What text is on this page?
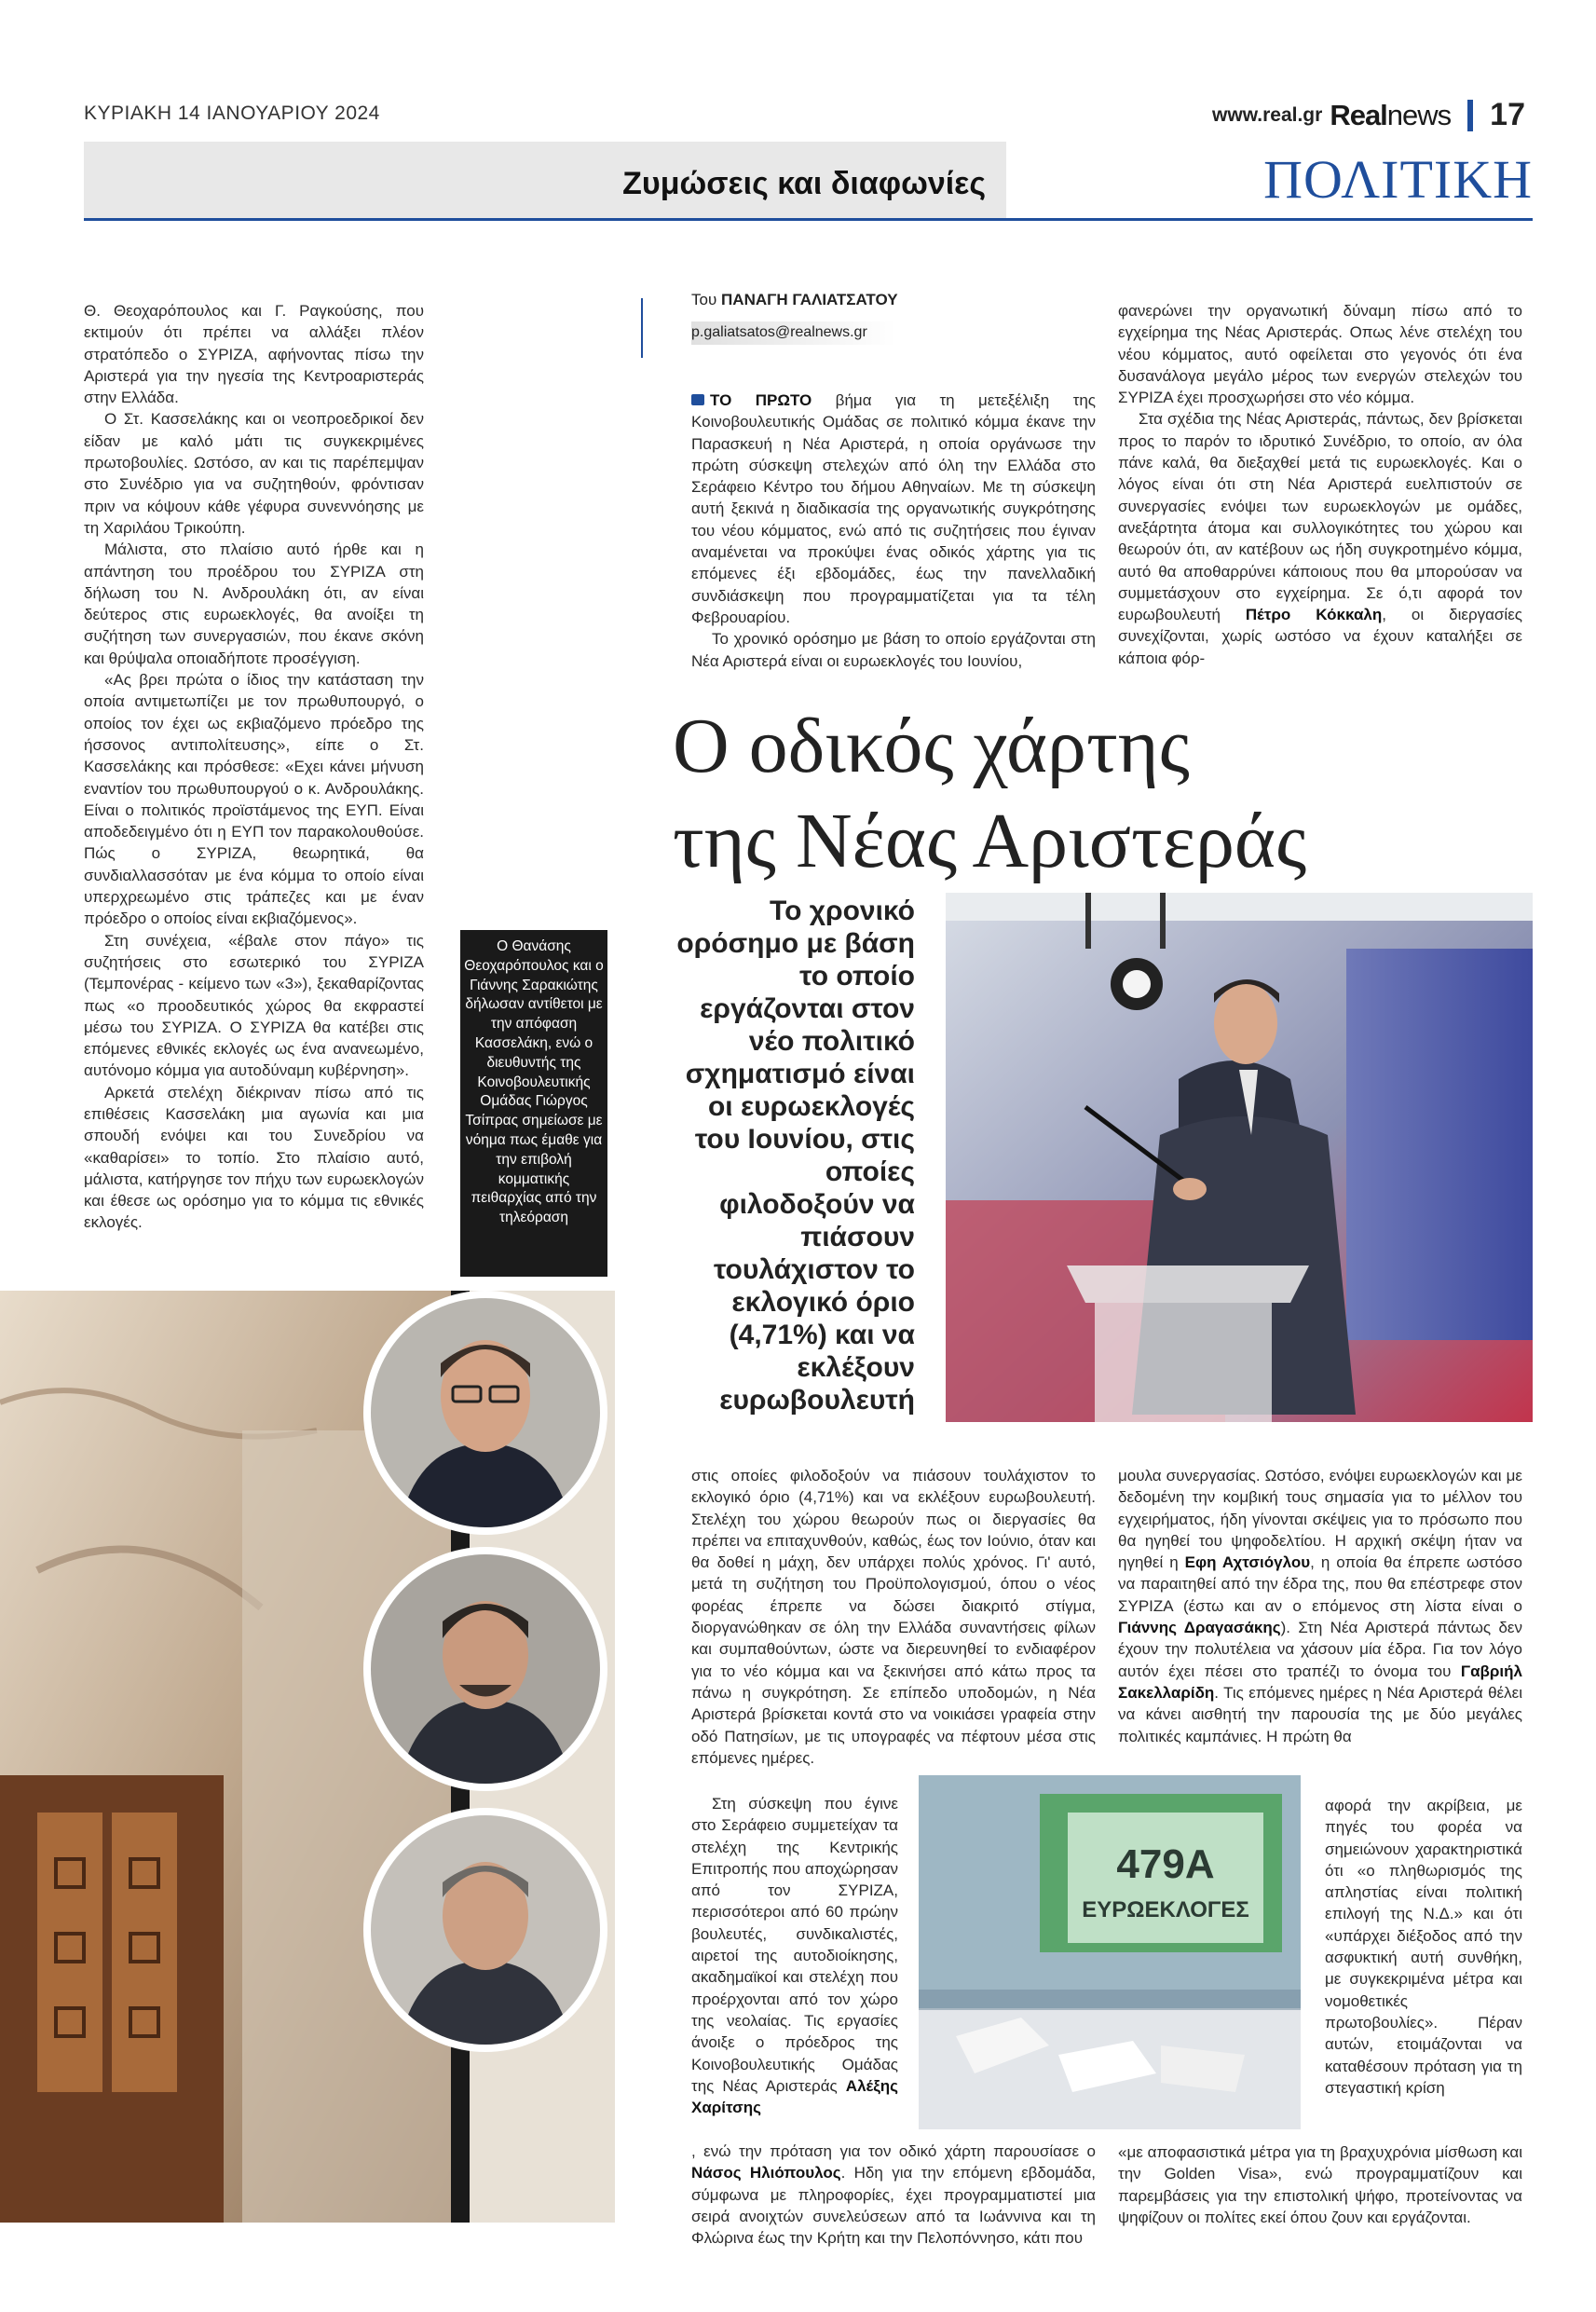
ΚΥΡΙΑΚΗ 14 ΙΑΝΟΥΑΡΙΟΥ 2024	www.real.gr Realnews 17
Ζυμώσεις και διαφωνίες	ΠΟΛΙΤΙΚΗ

Θ. Θεοχαρόπουλος και Γ. Ραγκούσης, που εκτιμούν ότι πρέπει να αλλάξει πλέον στρατόπεδο ο ΣΥΡΙΖΑ, αφήνοντας πίσω την Αριστερά για την ηγεσία της Κεντροαριστεράς στην Ελλάδα.

Ο Στ. Κασσελάκης και οι νεοπροεδρικοί δεν είδαν με καλό μάτι τις συγκεκριμένες πρωτοβουλίες. Ωστόσο, αν και τις παρέπεμψαν στο Συνέδριο για να συζητηθούν, φρόντισαν πριν να κόψουν κάθε γέφυρα συνεννόησης με τη Χαριλάου Τρικούπη.

Μάλιστα, στο πλαίσιο αυτό ήρθε και η απάντηση του προέδρου του ΣΥΡΙΖΑ στη δήλωση του Ν. Ανδρουλάκη ότι, αν είναι δεύτερος στις ευρωεκλογές, θα ανοίξει τη συζήτηση των συνεργασιών, που έκανε σκόνη και θρύψαλα οποιαδήποτε προσέγγιση.

«Ας βρει πρώτα ο ίδιος την κατάσταση την οποία αντιμετωπίζει με τον πρωθυπουργό, ο οποίος τον έχει ως εκβιαζόμενο πρόεδρο της ήσσονος αντιπολίτευσης», είπε ο Στ. Κασσελάκης και πρόσθεσε: «Εχει κάνει μήνυση εναντίον του πρωθυπουργού ο κ. Ανδρουλάκης. Είναι ο πολιτικός προϊστάμενος της ΕΥΠ. Είναι αποδεδειγμένο ότι η ΕΥΠ τον παρακολουθούσε. Πώς ο ΣΥΡΙΖΑ, θεωρητικά, θα συνδιαλλασσόταν με ένα κόμμα το οποίο είναι υπερχρεωμένο στις τράπεζες και με έναν πρόεδρο ο οποίος είναι εκβιαζόμενος».

Στη συνέχεια, «έβαλε στον πάγο» τις συζητήσεις στο εσωτερικό του ΣΥΡΙΖΑ (Τεμπονέρας - κείμενο των «3»), ξεκαθαρίζοντας πως «ο προοδευτικός χώρος θα εκφραστεί μέσω του ΣΥΡΙΖΑ. Ο ΣΥΡΙΖΑ θα κατέβει στις επόμενες εθνικές εκλογές ως ένα ανανεωμένο, αυτόνομο κόμμα για αυτοδύναμη κυβέρνηση».

Αρκετά στελέχη διέκριναν πίσω από τις επιθέσεις Κασσελάκη μια αγωνία και μια σπουδή ενόψει και του Συνεδρίου να «καθαρίσει» το τοπίο. Στο πλαίσιο αυτό, μάλιστα, κατήργησε τον πήχυ των ευρωεκλογών και έθεσε ως ορόσημο για το κόμμα τις εθνικές εκλογές.

Του ΠΑΝΑΓΗ ΓΑΛΙΑΤΣΑΤΟΥ
p.galiatsatos@realnews.gr

ΤΟ ΠΡΩΤΟ βήμα για τη μετεξέλιξη της Κοινοβουλευτικής Ομάδας σε πολιτικό κόμμα έκανε την Παρασκευή η Νέα Αριστερά, η οποία οργάνωσε την πρώτη σύσκεψη στελεχών από όλη την Ελλάδα στο Σεράφειο Κέντρο του δήμου Αθηναίων. Με τη σύσκεψη αυτή ξεκινά η διαδικασία της οργανωτικής συγκρότησης του νέου κόμματος, ενώ από τις συζητήσεις που έγιναν αναμένεται να προκύψει ένας οδικός χάρτης για τις επόμενες έξι εβδομάδες, έως την πανελλαδική συνδιάσκεψη που προγραμματίζεται για τα τέλη Φεβρουαρίου.

Το χρονικό ορόσημο με βάση το οποίο εργάζονται στη Νέα Αριστερά είναι οι ευρωεκλογές του Ιουνίου,

φανερώνει την οργανωτική δύναμη πίσω από το εγχείρημα της Νέας Αριστεράς. Οπως λένε στελέχη του νέου κόμματος, αυτό οφείλεται στο γεγονός ότι ένα δυσανάλογα μεγάλο μέρος των ενεργών στελεχών του ΣΥΡΙΖΑ έχει προσχωρήσει στο νέο κόμμα.

Στα σχέδια της Νέας Αριστεράς, πάντως, δεν βρίσκεται προς το παρόν το ιδρυτικό Συνέδριο, το οποίο, αν όλα πάνε καλά, θα διεξαχθεί μετά τις ευρωεκλογές. Και ο λόγος είναι ότι στη Νέα Αριστερά ευελπιστούν σε συνεργασίες ενόψει των ευρωεκλογών με ομάδες, ανεξάρτητα άτομα και συλλογικότητες του χώρου και θεωρούν ότι, αν κατέβουν ως ήδη συγκροτημένο κόμμα, αυτό θα αποθαρρύνει κάποιους που θα μπορούσαν να συμμετάσχουν στο εγχείρημα. Σε ό,τι αφορά τον ευρωβουλευτή Πέτρο Κόκκαλη, οι διεργασίες συνεχίζονται, χωρίς ωστόσο να έχουν καταλήξει σε κάποια φόρ-

Ο οδικός χάρτης
της Νέας Αριστεράς
Το χρονικό ορόσημο με βάση το οποίο εργάζονται στον νέο πολιτικό σχηματισμό είναι οι ευρωεκλογές του Ιουνίου, στις οποίες φιλοδοξούν να πιάσουν τουλάχιστον το εκλογικό όριο (4,71%) και να εκλέξουν ευρωβουλευτή
Ο Θανάσης Θεοχαρόπουλος και ο Γιάννης Σαρακιώτης δήλωσαν αντίθετοι με την απόφαση Κασσελάκη, ενώ ο διευθυντής της Κοινοβουλευτικής Ομάδας Γιώργος Τσίπρας σημείωσε με νόημα πως έμαθε για την επιβολή κομματικής πειθαρχίας από την τηλεόραση

στις οποίες φιλοδοξούν να πιάσουν τουλάχιστον το εκλογικό όριο (4,71%) και να εκλέξουν ευρωβουλευτή. Στελέχη του χώρου θεωρούν πως οι διεργασίες θα πρέπει να επιταχυνθούν, καθώς, έως τον Ιούνιο, όταν και θα δοθεί η μάχη, δεν υπάρχει πολύς χρόνος. Γι' αυτό, μετά τη συζήτηση του Προϋπολογισμού, όπου ο νέος φορέας έπρεπε να δώσει διακριτό στίγμα, διοργανώθηκαν σε όλη την Ελλάδα συναντήσεις φίλων και συμπαθούντων, ώστε να διερευνηθεί το ενδιαφέρον για το νέο κόμμα και να ξεκινήσει από κάτω προς τα πάνω η συγκρότηση. Σε επίπεδο υποδομών, η Νέα Αριστερά βρίσκεται κοντά στο να νοικιάσει γραφεία στην οδό Πατησίων, με τις υπογραφές να πέφτουν μέσα στις επόμενες ημέρες.

Στη σύσκεψη που έγινε στο Σεράφειο συμμετείχαν τα στελέχη της Κεντρικής Επιτροπής που αποχώρησαν από τον ΣΥΡΙΖΑ, περισσότεροι από 60 πρώην βουλευτές, συνδικαλιστές, αιρετοί της αυτοδιοίκησης, ακαδημαϊκοί και στελέχη που προέρχονται από τον χώρο της νεολαίας. Τις εργασίες άνοιξε ο πρόεδρος της Κοινοβουλευτικής Ομάδας της Νέας Αριστεράς Αλέξης Χαρίτσης

, ενώ την πρόταση για τον οδικό χάρτη παρουσίασε ο Νάσος Ηλιόπουλος. Ηδη για την επόμενη εβδομάδα, σύμφωνα με πληροφορίες, έχει προγραμματιστεί μια σειρά ανοιχτών συνελεύσεων από τα Ιωάννινα και τη Φλώρινα έως την Κρήτη και την Πελοπόννησο, κάτι που

479Α
ΕΥΡΩΕΚΛΟΓΕΣ

μουλα συνεργασίας. Ωστόσο, ενόψει ευρωεκλογών και με δεδομένη την κομβική τους σημασία για το μέλλον του εγχειρήματος, ήδη γίνονται σκέψεις για το πρόσωπο που θα ηγηθεί του ψηφοδελτίου. Η αρχική σκέψη ήταν να ηγηθεί η Εφη Αχτσιόγλου, η οποία θα έπρεπε ωστόσο να παραιτηθεί από την έδρα της, που θα επέστρεφε στον ΣΥΡΙΖΑ (έστω και αν ο επόμενος στη λίστα είναι ο Γιάννης Δραγασάκης). Στη Νέα Αριστερά πάντως δεν έχουν την πολυτέλεια να χάσουν μία έδρα. Για τον λόγο αυτόν έχει πέσει στο τραπέζι το όνομα του Γαβριήλ Σακελλαρίδη. Τις επόμενες ημέρες η Νέα Αριστερά θέλει να κάνει αισθητή την παρουσία της με δύο μεγάλες πολιτικές καμπάνιες. Η πρώτη θα

αφορά την ακρίβεια, με πηγές του φορέα να σημειώνουν χαρακτηριστικά ότι «ο πληθωρισμός της απληστίας είναι πολιτική επιλογή της Ν.Δ.» και ότι «υπάρχει διέξοδος από την ασφυκτική αυτή συνθήκη, με συγκεκριμένα μέτρα και νομοθετικές πρωτοβουλίες». Πέραν αυτών, ετοιμάζονται να καταθέσουν πρόταση για τη στεγαστική κρίση

«με αποφασιστικά μέτρα για τη βραχυχρόνια μίσθωση και την Golden Visa», ενώ προγραμματίζουν και παρεμβάσεις για την επιστολική ψήφο, προτείνοντας να ψηφίζουν οι πολίτες εκεί όπου ζουν και εργάζονται.
